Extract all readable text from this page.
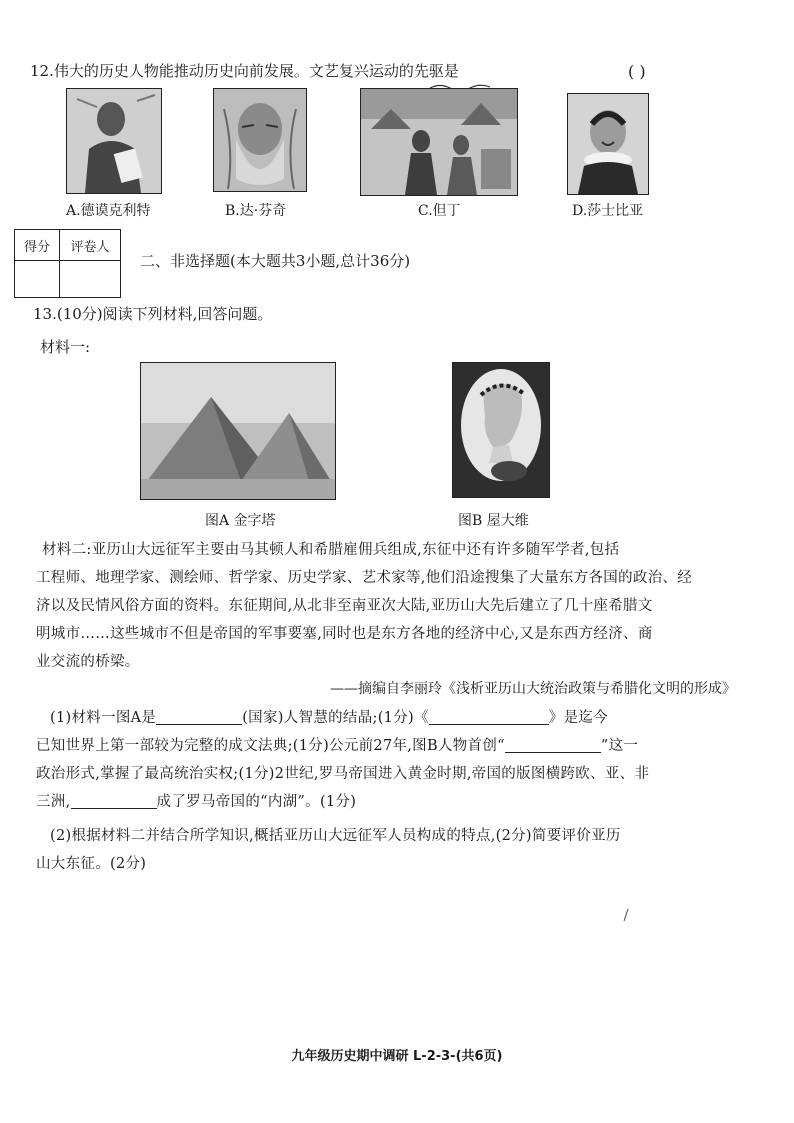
12.伟大的历史人物能推动历史向前发展。文艺复兴运动的先驱是	( )
A.德谟克利特	B.达·芬奇	C.但丁	D.莎士比亚
得分	评卷人

二、非选择题(本大题共3小题,总计36分)
13.(10分)阅读下列材料,回答问题。
材料一:
图A 金字塔	图B 屋大维

材料二:亚历山大远征军主要由马其顿人和希腊雇佣兵组成,东征中还有许多随军学者,包括

工程师、地理学家、测绘师、哲学家、历史学家、艺术家等,他们沿途搜集了大量东方各国的政治、经

济以及民情风俗方面的资料。东征期间,从北非至南亚次大陆,亚历山大先后建立了几十座希腊文

明城市……这些城市不但是帝国的军事要塞,同时也是东方各地的经济中心,又是东西方经济、商

业交流的桥梁。

——摘编自李丽玲《浅析亚历山大统治政策与希腊化文明的形成》

(1)材料一图A是	(国家)人智慧的结晶;(1分)《	》是迄今

已知世界上第一部较为完整的成文法典;(1分)公元前27年,图B人物首创“	”这一

政治形式,掌握了最高统治实权;(1分)2世纪,罗马帝国进入黄金时期,帝国的版图横跨欧、亚、非

三洲,	成了罗马帝国的“内湖”。(1分)

(2)根据材料二并结合所学知识,概括亚历山大远征军人员构成的特点,(2分)简要评价亚历

山大东征。(2分)

九年级历史期中调研 L-2-3-(共6页)
